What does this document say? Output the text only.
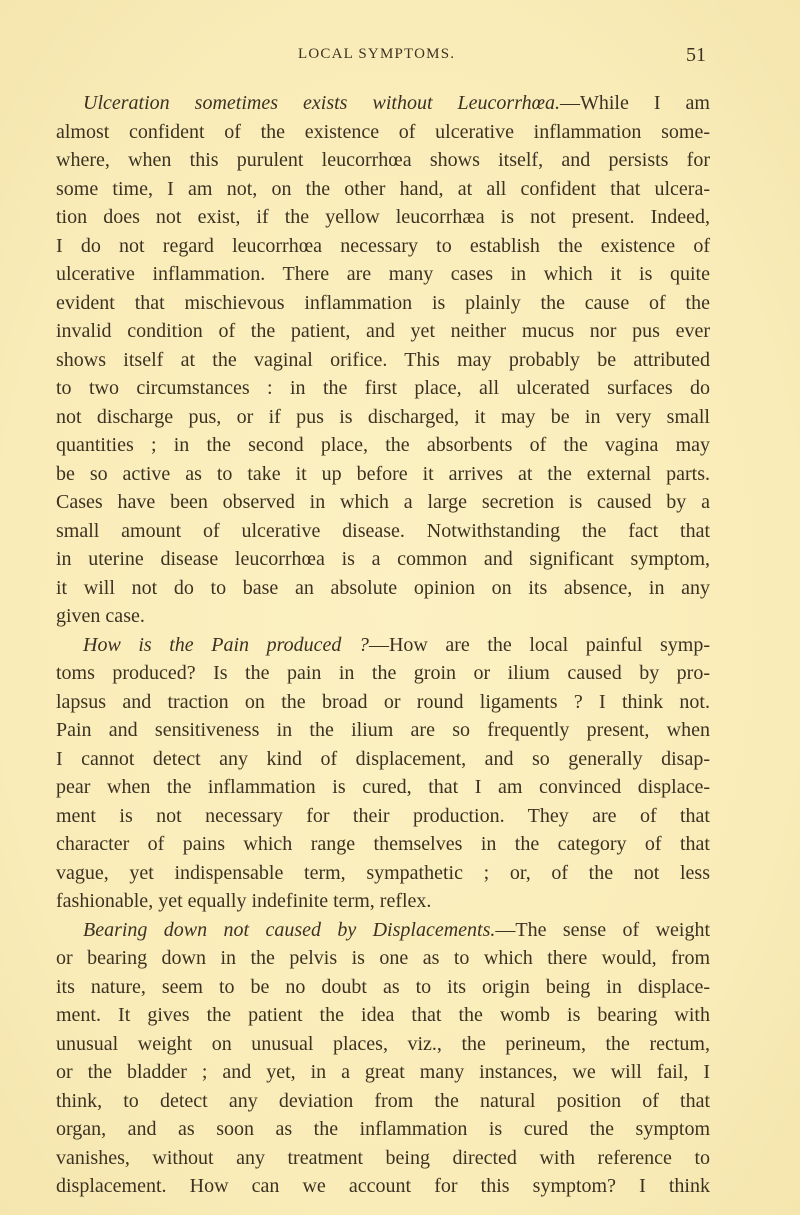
LOCAL SYMPTOMS.	51
Ulceration sometimes exists without Leucorrhœa.—While I am
almost confident of the existence of ulcerative inflammation some-
where, when this purulent leucorrhœa shows itself, and persists for
some time, I am not, on the other hand, at all confident that ulcera-
tion does not exist, if the yellow leucorrhæa is not present. Indeed,
I do not regard leucorrhœa necessary to establish the existence of
ulcerative inflammation. There are many cases in which it is quite
evident that mischievous inflammation is plainly the cause of the
invalid condition of the patient, and yet neither mucus nor pus ever
shows itself at the vaginal orifice. This may probably be attributed
to two circumstances : in the first place, all ulcerated surfaces do
not discharge pus, or if pus is discharged, it may be in very small
quantities ; in the second place, the absorbents of the vagina may
be so active as to take it up before it arrives at the external parts.
Cases have been observed in which a large secretion is caused by a
small amount of ulcerative disease. Notwithstanding the fact that
in uterine disease leucorrhœa is a common and significant symptom,
it will not do to base an absolute opinion on its absence, in any
given case.
How is the Pain produced ?—How are the local painful symp-
toms produced? Is the pain in the groin or ilium caused by pro-
lapsus and traction on the broad or round ligaments ? I think not.
Pain and sensitiveness in the ilium are so frequently present, when
I cannot detect any kind of displacement, and so generally disap-
pear when the inflammation is cured, that I am convinced displace-
ment is not necessary for their production. They are of that
character of pains which range themselves in the category of that
vague, yet indispensable term, sympathetic ; or, of the not less
fashionable, yet equally indefinite term, reflex.
Bearing down not caused by Displacements.—The sense of weight
or bearing down in the pelvis is one as to which there would, from
its nature, seem to be no doubt as to its origin being in displace-
ment. It gives the patient the idea that the womb is bearing with
unusual weight on unusual places, viz., the perineum, the rectum,
or the bladder ; and yet, in a great many instances, we will fail, I
think, to detect any deviation from the natural position of that
organ, and as soon as the inflammation is cured the symptom
vanishes, without any treatment being directed with reference to
displacement. How can we account for this symptom? I think
